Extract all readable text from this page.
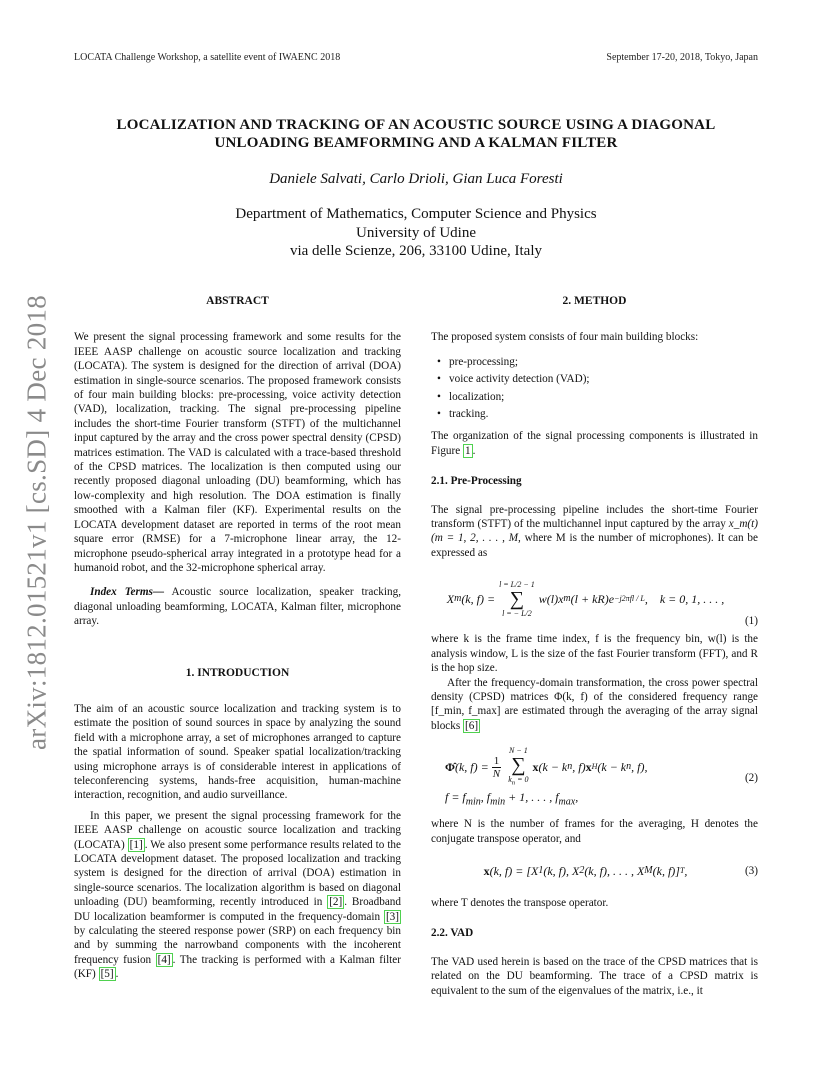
LOCATA Challenge Workshop, a satellite event of IWAENC 2018	September 17-20, 2018, Tokyo, Japan
arXiv:1812.01521v1 [cs.SD] 4 Dec 2018
LOCALIZATION AND TRACKING OF AN ACOUSTIC SOURCE USING A DIAGONAL
UNLOADING BEAMFORMING AND A KALMAN FILTER
Daniele Salvati, Carlo Drioli, Gian Luca Foresti
Department of Mathematics, Computer Science and Physics
University of Udine
via delle Scienze, 206, 33100 Udine, Italy
ABSTRACT

We present the signal processing framework and some results for the IEEE AASP challenge on acoustic source localization and tracking (LOCATA). The system is designed for the direction of arrival (DOA) estimation in single-source scenarios. The proposed framework consists of four main building blocks: pre-processing, voice activity detection (VAD), localization, tracking. The signal pre-processing pipeline includes the short-time Fourier transform (STFT) of the multichannel input captured by the array and the cross power spectral density (CPSD) matrices estimation. The VAD is calculated with a trace-based threshold of the CPSD matrices. The localization is then computed using our recently proposed diagonal unloading (DU) beamforming, which has low-complexity and high resolution. The DOA estimation is finally smoothed with a Kalman filer (KF). Experimental results on the LOCATA development dataset are reported in terms of the root mean square error (RMSE) for a 7-microphone linear array, the 12-microphone pseudo-spherical array integrated in a prototype head for a humanoid robot, and the 32-microphone spherical array.

Index Terms— Acoustic source localization, speaker tracking, diagonal unloading beamforming, LOCATA, Kalman filter, microphone array.

1. INTRODUCTION

The aim of an acoustic source localization and tracking system is to estimate the position of sound sources in space by analyzing the sound field with a microphone array, a set of microphones arranged to capture the spatial information of sound. Speaker spatial localization/tracking using microphone arrays is of considerable interest in applications of teleconferencing systems, hands-free acquisition, human-machine interaction, recognition, and audio surveillance.

In this paper, we present the signal processing framework for the IEEE AASP challenge on acoustic source localization and tracking (LOCATA) [1] . We also present some performance results related to the LOCATA development dataset. The proposed localization and tracking system is designed for the direction of arrival (DOA) estimation in single-source scenarios. The localization algorithm is based on diagonal unloading (DU) beamforming, recently introduced in [2] . Broadband DU localization beamformer is computed in the frequency-domain [3] by calculating the steered response power (SRP) on each frequency bin and by summing the narrowband components with the incoherent frequency fusion [4] . The tracking is performed with a Kalman filter (KF) [5] .

2. METHOD

The proposed system consists of four main building blocks:

• pre-processing;
• voice activity detection (VAD);
• localization;
• tracking.

The organization of the signal processing components is illustrated in Figure 1 .

2.1. Pre-Processing

The signal pre-processing pipeline includes the short-time Fourier transform (STFT) of the multichannel input captured by the array x_m(t) (m = 1, 2, . . . , M, where M is the number of microphones). It can be expressed as

X m (k, f) =
l = L/2 − 1
∑
l = − L/2
w(l)x m (l + kR)e −j2πfl / L ,    k = 0, 1, . . . ,
(1)

where k is the frame time index, f is the frequency bin, w(l) is the analysis window, L is the size of the fast Fourier transform (FFT), and R is the hop size.

After the frequency-domain transformation, the cross power spectral density (CPSD) matrices Φ(k, f) of the considered frequency range [f_min, f_max] are estimated through the averaging of the array signal blocks [6]

Φ̂ (k, $f) = \frac{1}{N}$
N − 1
∑
$k_n = 0$
x (k − k n , f) x H (k − k n , f),
$f = f_{min}$, $f_{min} + 1$, . . . , $f_{max}$,
(2)

where N is the number of frames for the averaging, H denotes the conjugate transpose operator, and

x (k, f) = [X 1 (k, f), X 2 (k, f), . . . , X M (k, f)] T ,	(3)

where T denotes the transpose operator.

2.2. VAD

The VAD used herein is based on the trace of the CPSD matrices that is related on the DU beamforming. The trace of a CPSD matrix is equivalent to the sum of the eigenvalues of the matrix, i.e., it
